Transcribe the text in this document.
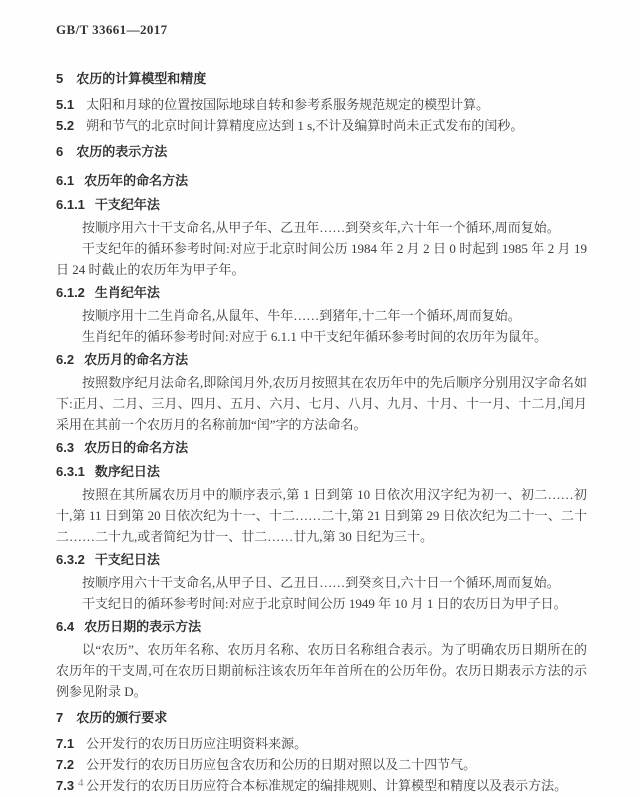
GB/T 33661—2017
5 农历的计算模型和精度
5.1 太阳和月球的位置按国际地球自转和参考系服务规范规定的模型计算。
5.2 朔和节气的北京时间计算精度应达到 1 s,不计及编算时尚未正式发布的闰秒。
6 农历的表示方法
6.1 农历年的命名方法
6.1.1 干支纪年法

按顺序用六十干支命名,从甲子年、乙丑年……到癸亥年,六十年一个循环,周而复始。

干支纪年的循环参考时间:对应于北京时间公历 1984 年 2 月 2 日 0 时起到 1985 年 2 月 19 日 24 时截止的农历年为甲子年。

6.1.2 生肖纪年法

按顺序用十二生肖命名,从鼠年、牛年……到猪年,十二年一个循环,周而复始。

生肖纪年的循环参考时间:对应于 6.1.1 中干支纪年循环参考时间的农历年为鼠年。

6.2 农历月的命名方法

按照数序纪月法命名,即除闰月外,农历月按照其在农历年中的先后顺序分别用汉字命名如下:正月、二月、三月、四月、五月、六月、七月、八月、九月、十月、十一月、十二月,闰月采用在其前一个农历月的名称前加“闰”字的方法命名。

6.3 农历日的命名方法
6.3.1 数序纪日法

按照在其所属农历月中的顺序表示,第 1 日到第 10 日依次用汉字纪为初一、初二……初十,第 11 日到第 20 日依次纪为十一、十二……二十,第 21 日到第 29 日依次纪为二十一、二十二……二十九,或者简纪为廿一、廿二……廿九,第 30 日纪为三十。

6.3.2 干支纪日法

按顺序用六十干支命名,从甲子日、乙丑日……到癸亥日,六十日一个循环,周而复始。

干支纪日的循环参考时间:对应于北京时间公历 1949 年 10 月 1 日的农历日为甲子日。

6.4 农历日期的表示方法

以“农历”、农历年名称、农历月名称、农历日名称组合表示。为了明确农历日期所在的农历年的干支周,可在农历日期前标注该农历年年首所在的公历年份。农历日期表示方法的示例参见附录 D。

7 农历的颁行要求
7.1 公开发行的农历日历应注明资料来源。
7.2 公开发行的农历日历应包含农历和公历的日期对照以及二十四节气。
7.3 公开发行的农历日历应符合本标准规定的编排规则、计算模型和精度以及表示方法。
4
